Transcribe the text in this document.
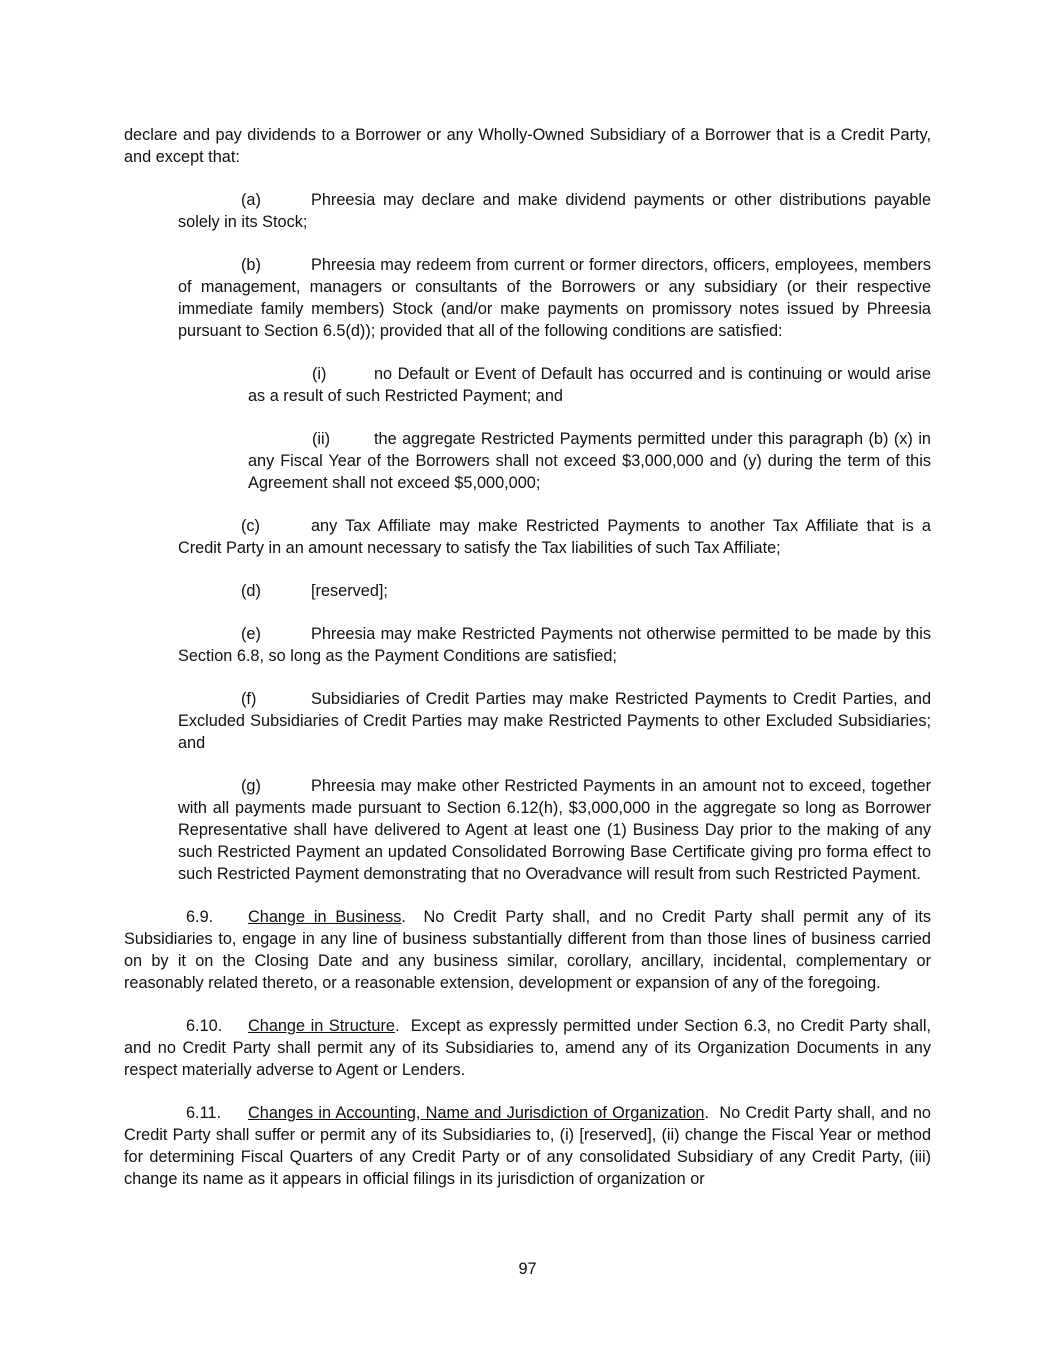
declare and pay dividends to a Borrower or any Wholly-Owned Subsidiary of a Borrower that is a Credit Party, and except that:

(a)	Phreesia may declare and make dividend payments or other distributions payable solely in its Stock;

(b)	Phreesia may redeem from current or former directors, officers, employees, members of management, managers or consultants of the Borrowers or any subsidiary (or their respective immediate family members) Stock (and/or make payments on promissory notes issued by Phreesia pursuant to Section 6.5(d)); provided that all of the following conditions are satisfied:

(i)	no Default or Event of Default has occurred and is continuing or would arise as a result of such Restricted Payment; and

(ii)	the aggregate Restricted Payments permitted under this paragraph (b) (x) in any Fiscal Year of the Borrowers shall not exceed $3,000,000 and (y) during the term of this Agreement shall not exceed $5,000,000;

(c)	any Tax Affiliate may make Restricted Payments to another Tax Affiliate that is a Credit Party in an amount necessary to satisfy the Tax liabilities of such Tax Affiliate;

(d)	[reserved];

(e)	Phreesia may make Restricted Payments not otherwise permitted to be made by this Section 6.8, so long as the Payment Conditions are satisfied;

(f)	Subsidiaries of Credit Parties may make Restricted Payments to Credit Parties, and Excluded Subsidiaries of Credit Parties may make Restricted Payments to other Excluded Subsidiaries; and

(g)	Phreesia may make other Restricted Payments in an amount not to exceed, together with all payments made pursuant to Section 6.12(h), $3,000,000 in the aggregate so long as Borrower Representative shall have delivered to Agent at least one (1) Business Day prior to the making of any such Restricted Payment an updated Consolidated Borrowing Base Certificate giving pro forma effect to such Restricted Payment demonstrating that no Overadvance will result from such Restricted Payment.

6.9. Change in Business.  No Credit Party shall, and no Credit Party shall permit any of its Subsidiaries to, engage in any line of business substantially different from than those lines of business carried on by it on the Closing Date and any business similar, corollary, ancillary, incidental, complementary or reasonably related thereto, or a reasonable extension, development or expansion of any of the foregoing.

6.10. Change in Structure.  Except as expressly permitted under Section 6.3, no Credit Party shall, and no Credit Party shall permit any of its Subsidiaries to, amend any of its Organization Documents in any respect materially adverse to Agent or Lenders.

6.11. Changes in Accounting, Name and Jurisdiction of Organization.  No Credit Party shall, and no Credit Party shall suffer or permit any of its Subsidiaries to, (i) [reserved], (ii) change the Fiscal Year or method for determining Fiscal Quarters of any Credit Party or of any consolidated Subsidiary of any Credit Party, (iii) change its name as it appears in official filings in its jurisdiction of organization or

97
